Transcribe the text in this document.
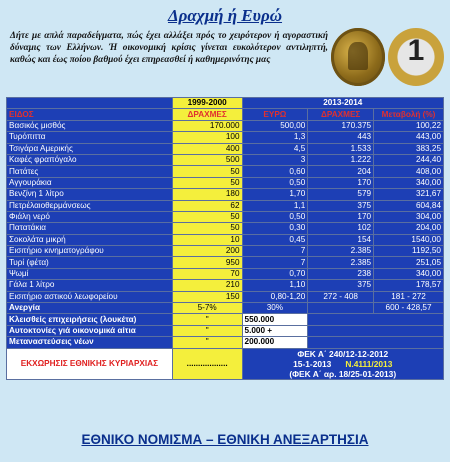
Δραχμή ή Ευρώ
Δήτε με απλά παραδείγματα, πώς έχει αλλάξει πρός το χειρότερον ή αγοραστική δύναμις των Ελλήνων. Ή οικονομική κρίσις γίνεται ευκολότερον αντιληπτή, καθώς και έως ποίου βαθμού έχει επηρεασθεί ή καθημερινότης μας	1
	1999-2000	2013-2014		
ΕΙΔΟΣ	ΔΡΑΧΜΕΣ	ΕΥΡΩ	ΔΡΑΧΜΕΣ	Μεταβολή (%)
Βασικός μισθός	170.000	500,00	170.375	100,22
Τυρόπιττα	100	1,3	443	443,00
Τσιγάρα Αμερικής	400	4,5	1.533	383,25
Καφές φραπόγαλο	500	3	1.222	244,40
Πατάτες	50	0,60	204	408,00
Αγγουράκια	50	0,50	170	340,00
Βενζίνη 1 λίτρο	180	1,70	579	321,67
Πετρέλαιοθερμάνσεως	62	1,1	375	604,84
Φιάλη νερό	50	0,50	170	304,00
Πατατάκια	50	0,30	102	204,00
Σοκολάτα μικρή	10	0,45	154	1540,00
Εισιτήριο κινηματογράφου	200	7	2.385	1192,50
Τυρί (φέτα)	950	7	2.385	251,05
Ψωμί	70	0,70	238	340,00
Γάλα 1 λίτρο	210	1,10	375	178,57
Εισιτήριο αστικού λεωφορείου	150	0,80-1,20	272 - 408	181 - 272
Ανεργία	5-7%	30%		600 - 428,57
Κλεισθείς επιχειρήσεις (λουκέτα)	"	550.000		
Αυτοκτονίες γιά οικονομικά αίτια	"	5.000 +		
Μεταναστεύσεις νέων	"	200.000		
ΕΚΧΩΡΗΣΙΣ ΕΘΝΙΚΗΣ ΚΥΡΙΑΡΧΙΑΣ	..................	ΦΕΚ Α΄ 240/12-12-2012
15-1-2013 Ν.4111/2013
(ΦΕΚ Α΄ αρ. 18/25-01-2013)		

ΕΘΝΙΚΟ ΝΟΜΙΣΜΑ – ΕΘΝΙΚΗ ΑΝΕΞΑΡΤΗΣΙΑ
